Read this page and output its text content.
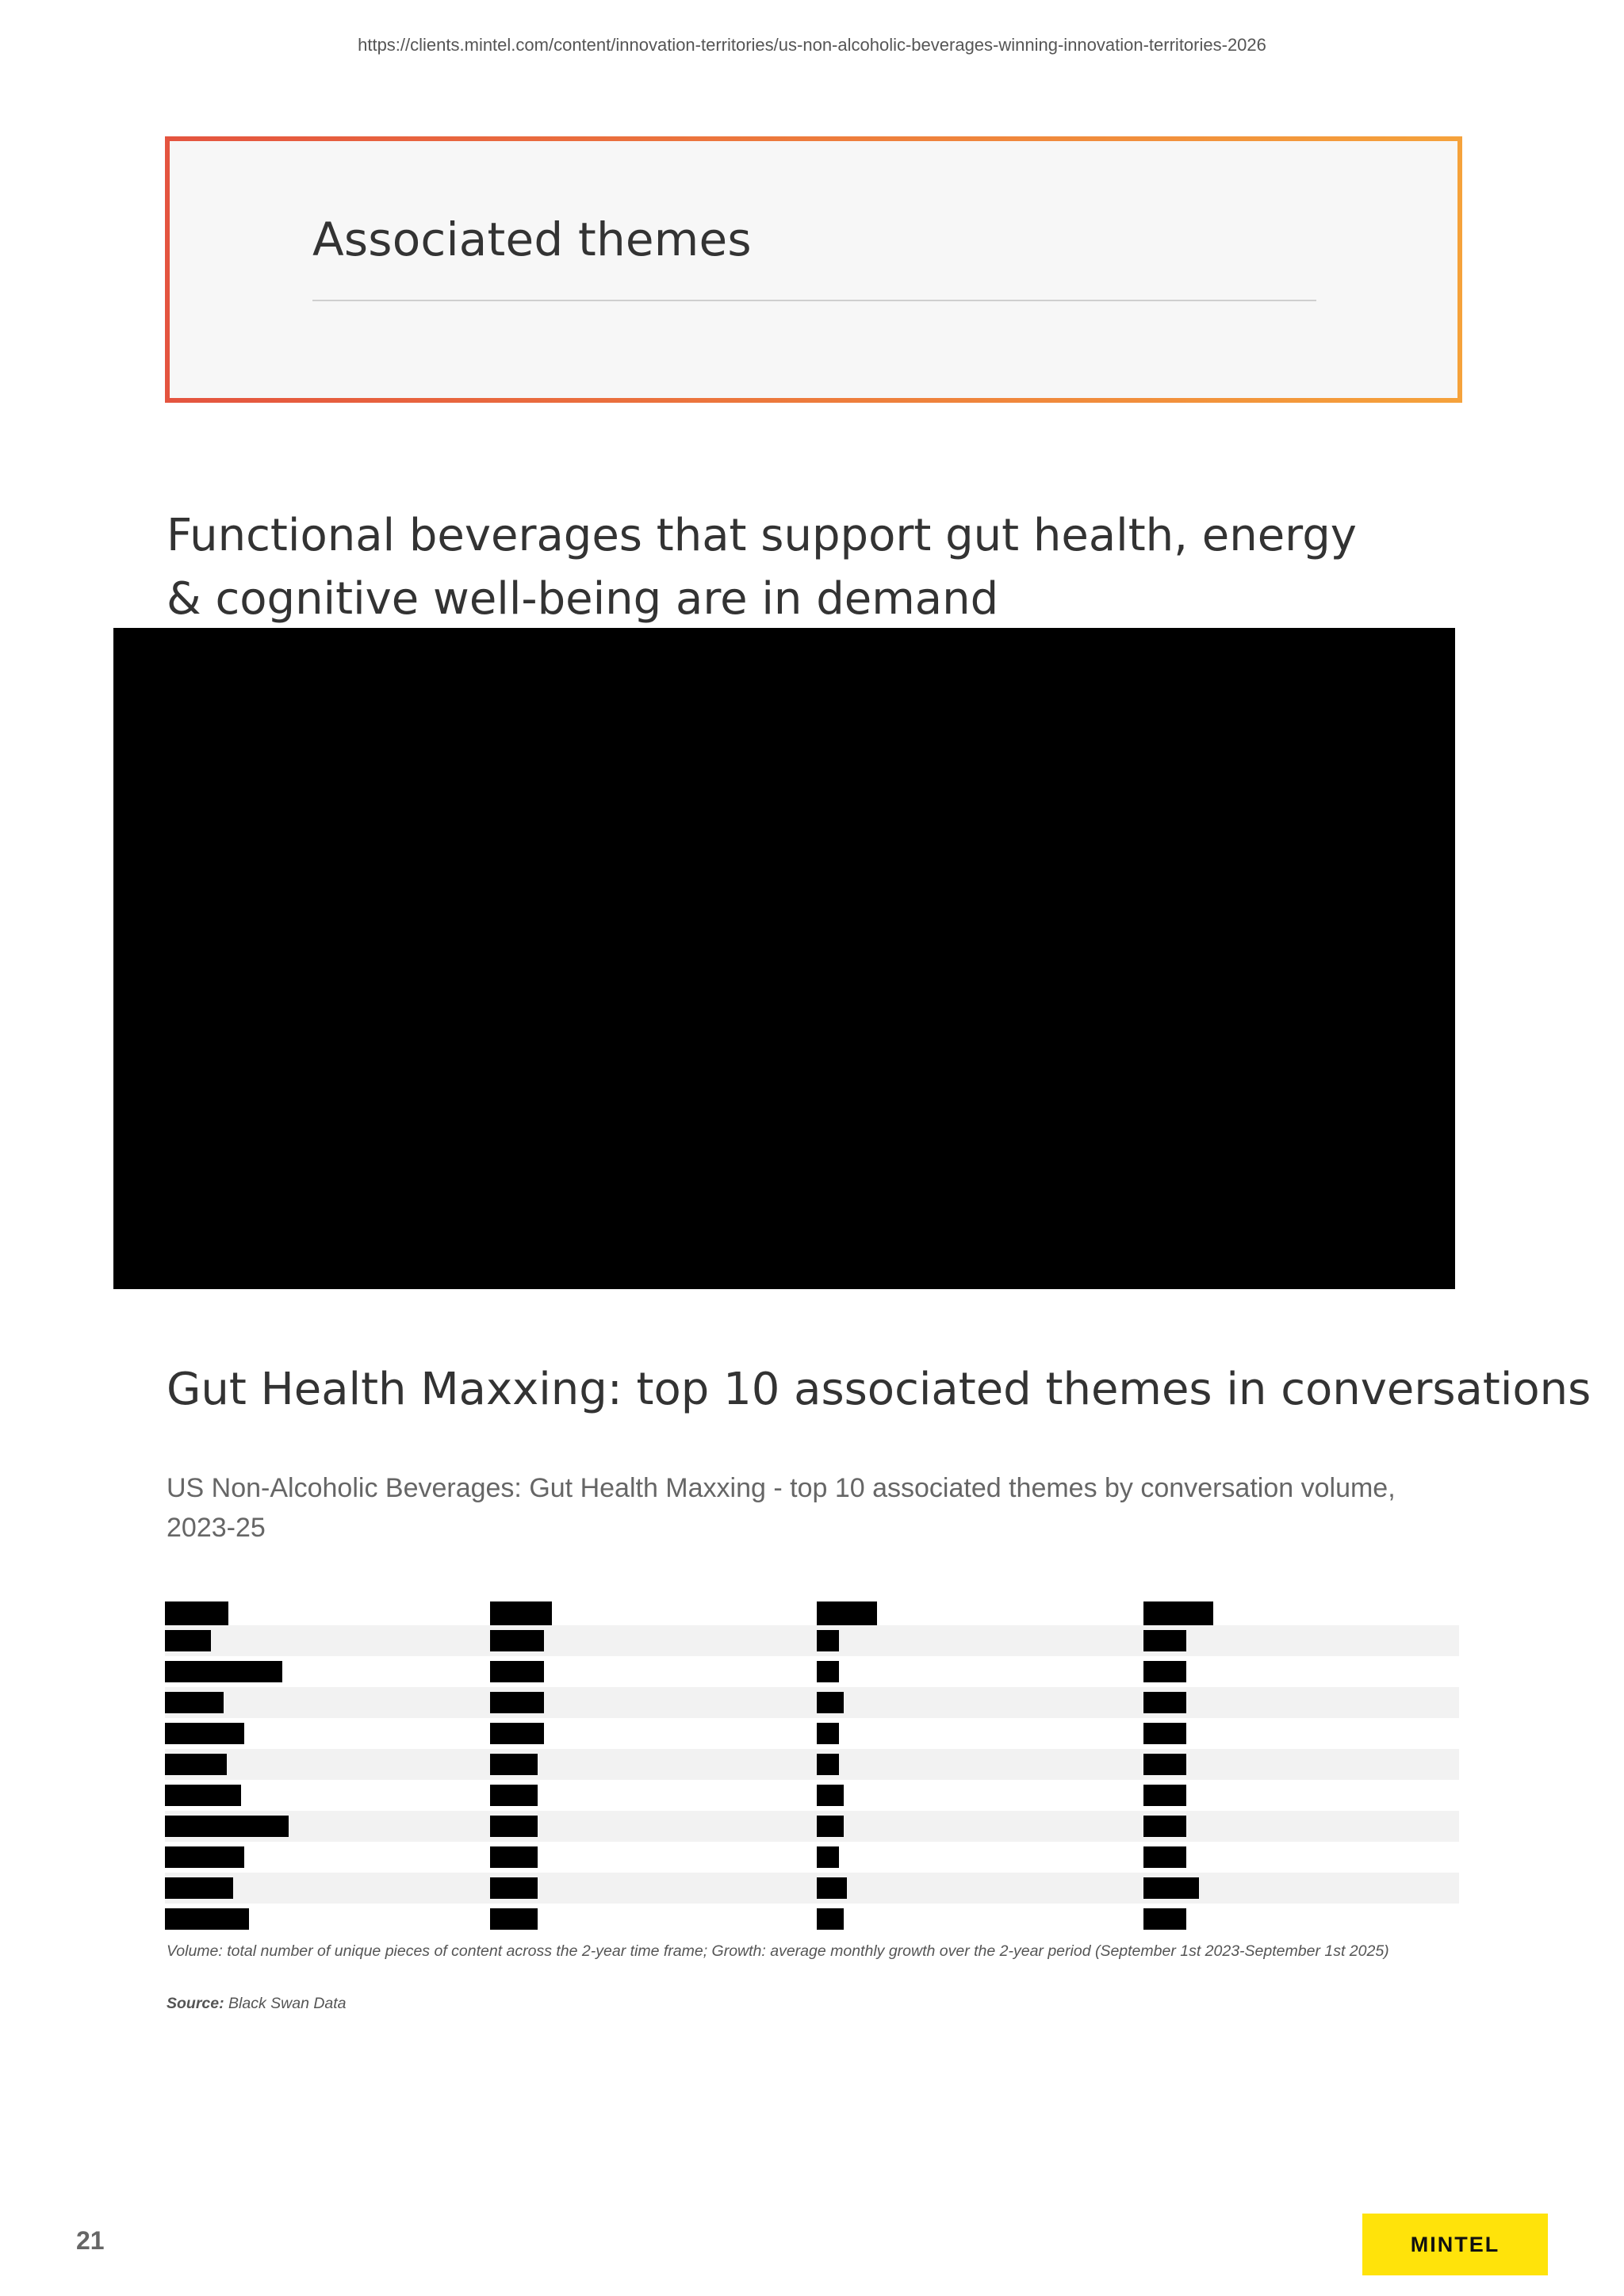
https://clients.mintel.com/content/innovation-territories/us-non-alcoholic-beverages-winning-innovation-territories-2026
Associated themes
Functional beverages that support gut health, energy & cognitive well-being are in demand
Gut Health Maxxing: top 10 associated themes in conversations

US Non-Alcoholic Beverages: Gut Health Maxxing - top 10 associated themes by conversation volume, 2023-25

Volume: total number of unique pieces of content across the 2-year time frame; Growth: average monthly growth over the 2-year period (September 1st 2023-September 1st 2025)

Source: Black Swan Data

21	MINTEL
